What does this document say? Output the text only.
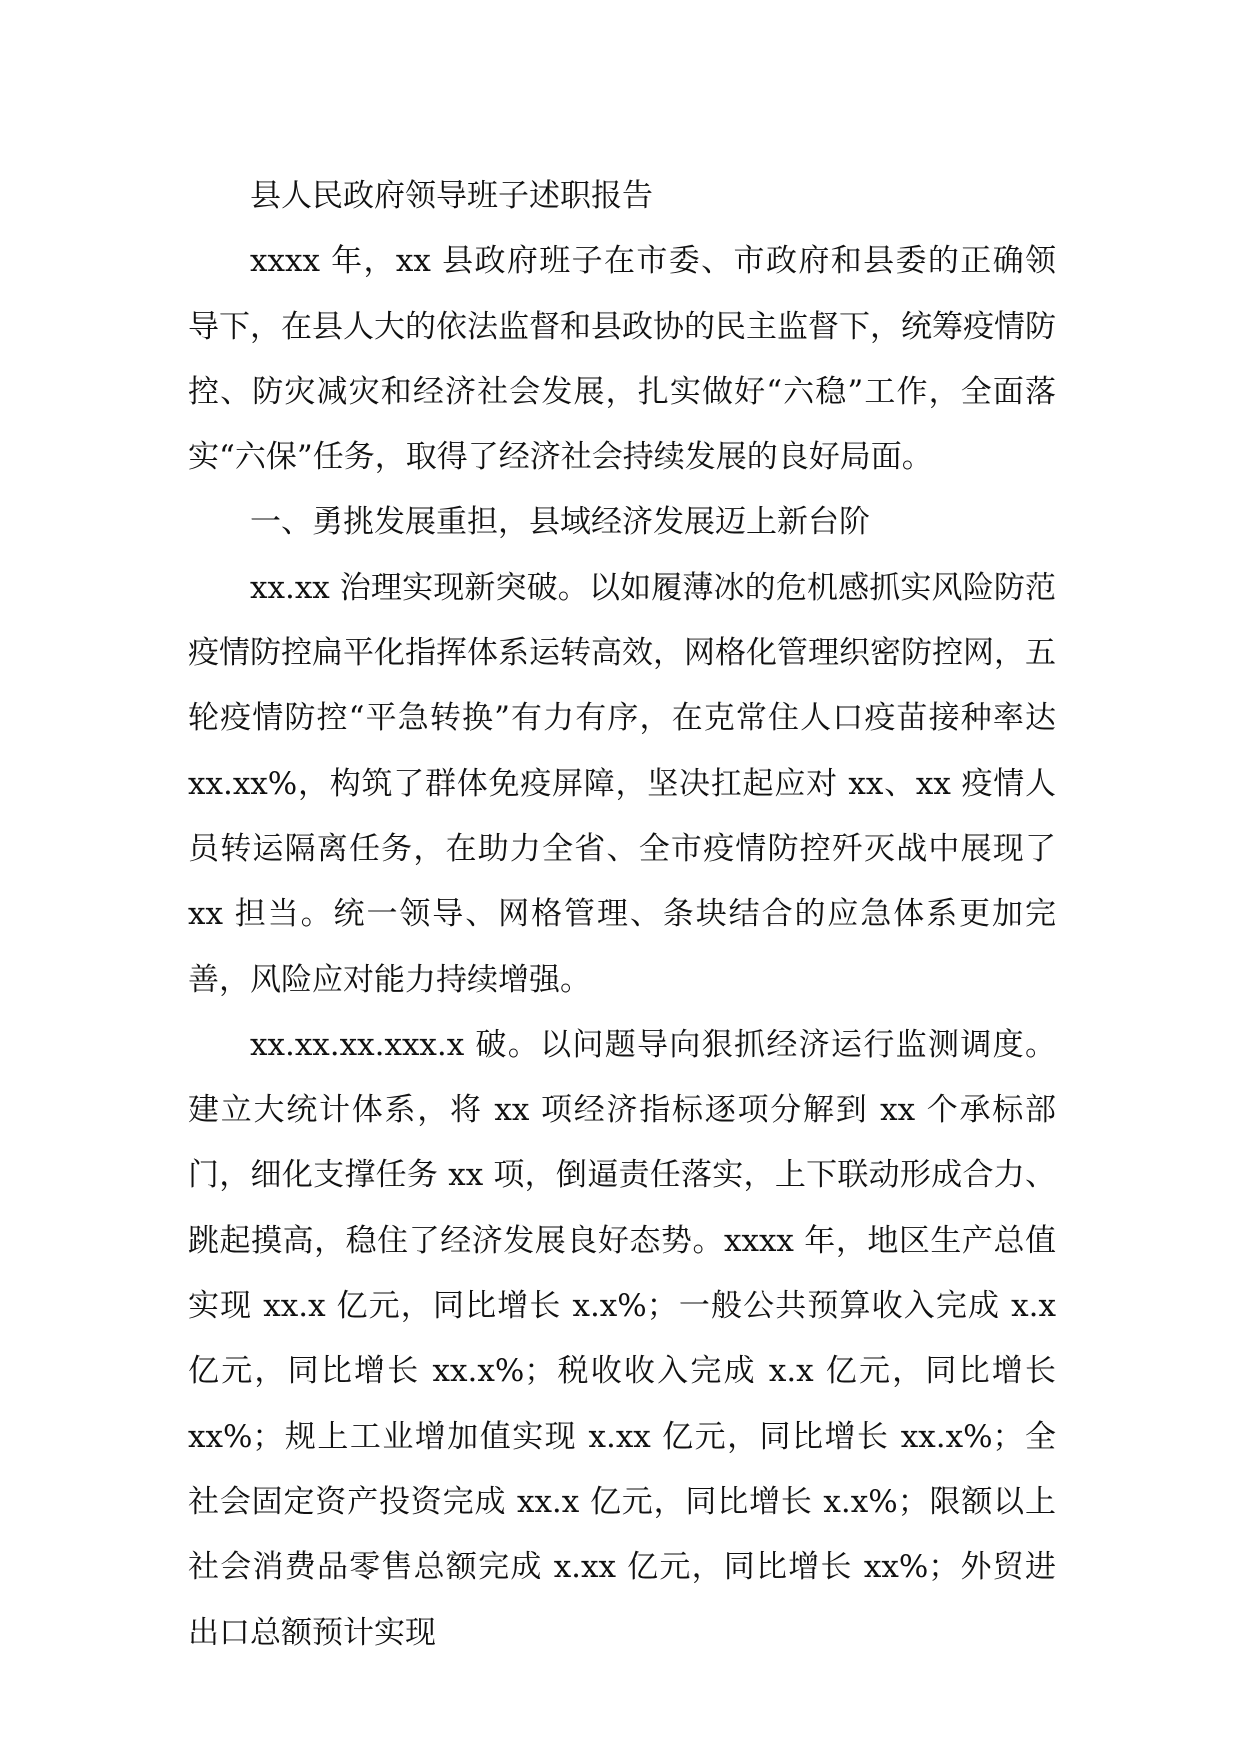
县人民政府领导班子述职报告

xxxx 年，xx 县政府班子在市委、市政府和县委的正确领导下，在县人大的依法监督和县政协的民主监督下，统筹疫情防控、防灾减灾和经济社会发展，扎实做好“六稳”工作，全面落实“六保”任务，取得了经济社会持续发展的良好局面。

一、勇挑发展重担，县域经济发展迈上新台阶

xx.xx 治理实现新突破。以如履薄冰的危机感抓实风险防范疫情防控扁平化指挥体系运转高效，网格化管理织密防控网，五轮疫情防控“平急转换”有力有序，在克常住人口疫苗接种率达 xx.xx%，构筑了群体免疫屏障，坚决扛起应对 xx、xx 疫情人员转运隔离任务，在助力全省、全市疫情防控歼灭战中展现了 xx 担当。统一领导、网格管理、条块结合的应急体系更加完善，风险应对能力持续增强。

xx.xx.xx.xxx.x 破。以问题导向狠抓经济运行监测调度。建立大统计体系，将 xx 项经济指标逐项分解到 xx 个承标部门，细化支撑任务 xx 项，倒逼责任落实，上下联动形成合力、跳起摸高，稳住了经济发展良好态势。xxxx 年，地区生产总值实现 xx.x 亿元，同比增长 x.x%；一般公共预算收入完成 x.x 亿元，同比增长 xx.x%；税收收入完成 x.x 亿元，同比增长 xx%；规上工业增加值实现 x.xx 亿元，同比增长 xx.x%；全社会固定资产投资完成 xx.x 亿元，同比增长 x.x%；限额以上社会消费品零售总额完成 x.xx 亿元，同比增长 xx%；外贸进出口总额预计实现
